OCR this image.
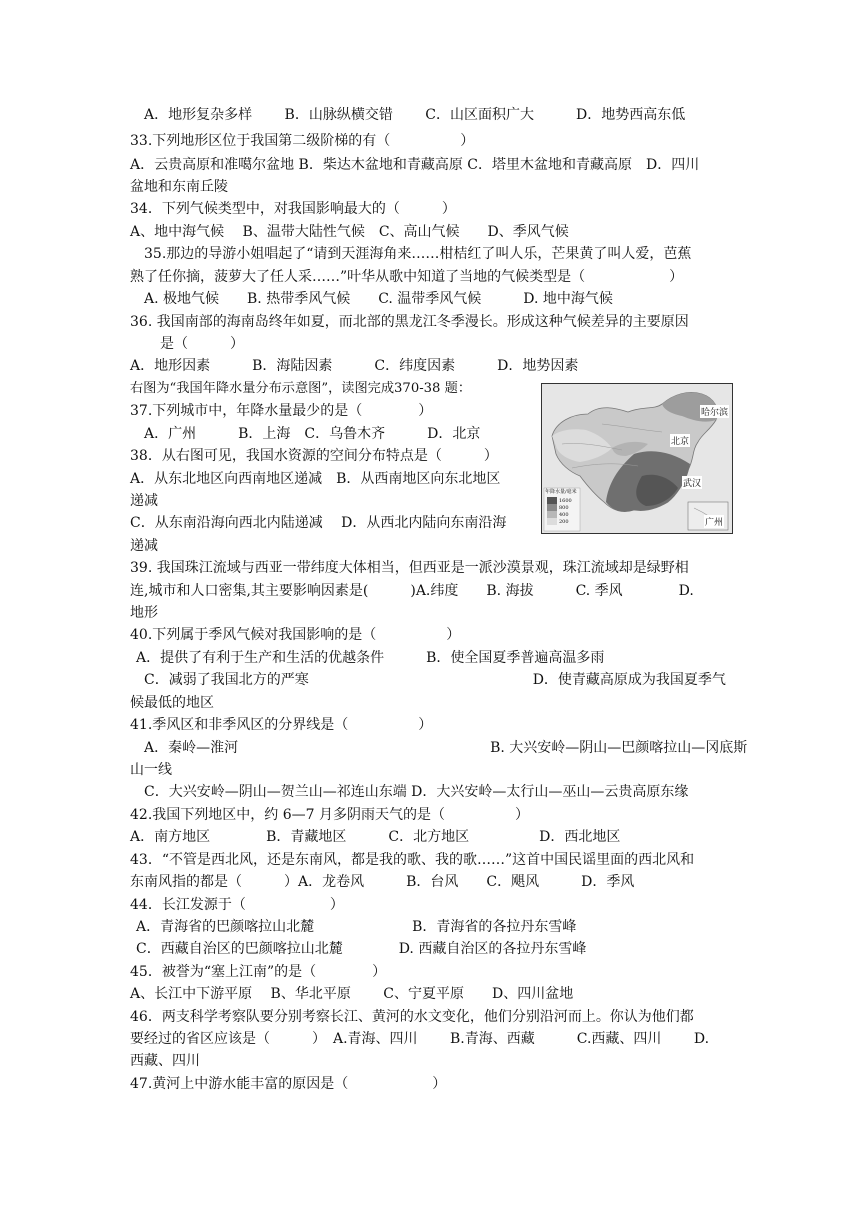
A．地形复杂多样　　 B．山脉纵横交错　　 C．山区面积广大　　　D．地势西高东低
33.下列地形区位于我国第二级阶梯的有（　　　　　）
A．云贵高原和准噶尔盆地 B．柴达木盆地和青藏高原 C．塔里木盆地和青藏高原　D．四川
盆地和东南丘陵
34．下列气候类型中，对我国影响最大的（　　　）
A、地中海气候　 B、温带大陆性气候　C、高山气候　　D、季风气候
35.那边的导游小姐唱起了“请到天涯海角来……柑桔红了叫人乐，芒果黄了叫人爱，芭蕉
熟了任你摘，菠萝大了任人采……”叶华从歌中知道了当地的气候类型是（　　　　　　）
A. 极地气候　　B. 热带季风气候　　C. 温带季风气候　　　D. 地中海气候
36. 我国南部的海南岛终年如夏，而北部的黑龙江冬季漫长。形成这种气候差异的主要原因
是（　　　）
A．地形因素　　　B．海陆因素　　　C．纬度因素　　　D．地势因素
右图为“我国年降水量分布示意图”，读图完成370-38 题：
37.下列城市中，年降水量最少的是（　　　　）
A．广州　　　B．上海　C．乌鲁木齐　　　D．北京
38．从右图可见，我国水资源的空间分布特点是（　　　）
A．从东北地区向西南地区递减　B．从西南地区向东北地区
递减
C．从东南沿海向西北内陆递减　 D．从西北内陆向东南沿海
递减
39. 我国珠江流域与西亚一带纬度大体相当，但西亚是一派沙漠景观，珠江流域却是绿野相
连,城市和人口密集,其主要影响因素是(　　　)A.纬度　　B. 海拔　　　C. 季风　　　　D.
地形
40.下列属于季风气候对我国影响的是（　　　　　）
A．提供了有利于生产和生活的优越条件　　　B．使全国夏季普遍高温多雨
C．减弱了我国北方的严寒　　　　　　　　　　　　　　　　D．使青藏高原成为我国夏季气
候最低的地区
41.季风区和非季风区的分界线是（　　　　　）
A．秦岭—淮河　　　　　　　　　　　　　　　　　　B. 大兴安岭—阴山—巴颜喀拉山—冈底斯
山一线
C．大兴安岭—阴山—贺兰山—祁连山东端 D．大兴安岭—太行山—巫山—云贵高原东缘
42.我国下列地区中，约 6—7 月多阴雨天气的是（　　　　　）
A．南方地区　　　　B．青藏地区　　　C．北方地区　　　　　D．西北地区
43．“不管是西北风，还是东南风，都是我的歌、我的歌……”这首中国民谣里面的西北风和
东南风指的都是（　　　）A．龙卷风　　　B．台风　　C．飓风　　　D．季风
44．长江发源于（　　　　　　）
A．青海省的巴颜喀拉山北麓　　　　　　　B．青海省的各拉丹东雪峰
C．西藏自治区的巴颜喀拉山北麓　　　　D. 西藏自治区的各拉丹东雪峰
45．被誉为“塞上江南”的是（　　　　）
A、长江中下游平原　 B、华北平原　　 C、宁夏平原　　D、四川盆地
46．两支科学考察队要分别考察长江、黄河的水文变化，他们分别沿河而上。你认为他们都
要经过的省区应该是（　　　）　A.青海、四川　　 B.青海、西藏　　　C.西藏、四川　　 D.
西藏、四川
47.黄河上中游水能丰富的原因是（　　　　　　）
哈尔滨
北京
武汉
广州
年降水量/毫米
1600
800
400
200
